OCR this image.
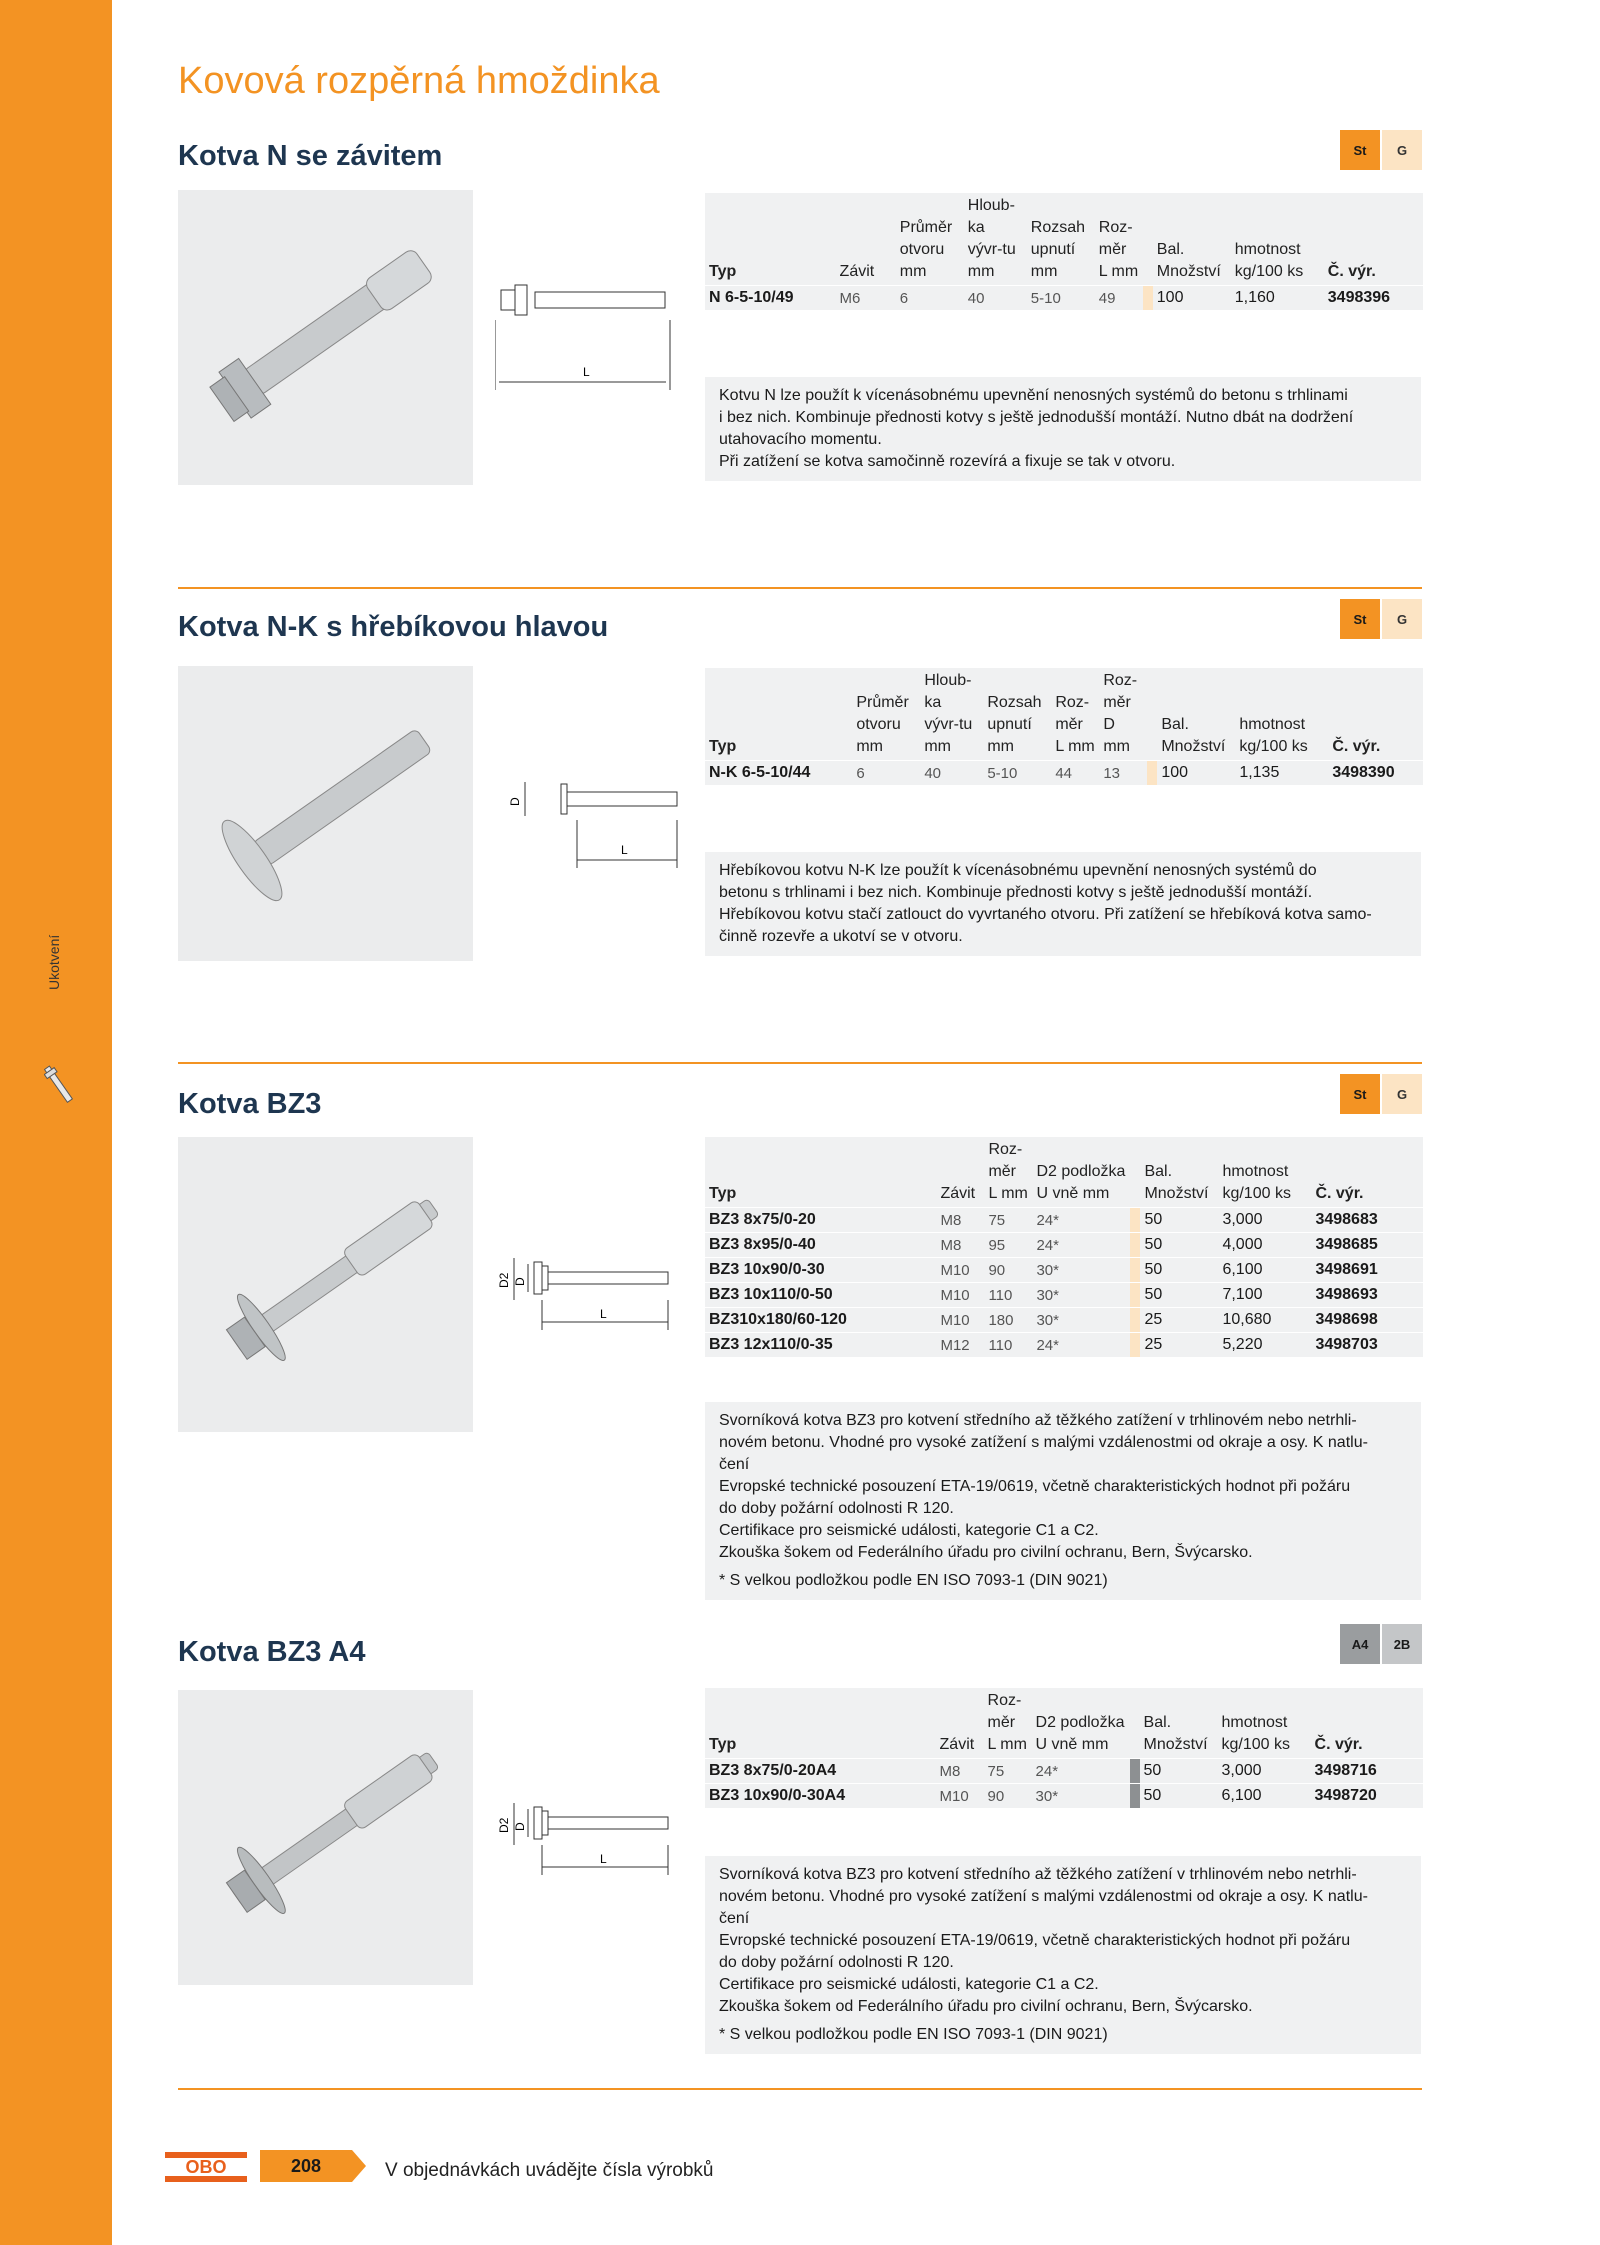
Ukotvení
Kovová rozpěrná hmoždinka
Kotva N se závitem	St	G
L
Typ	Závit	Průměr otvoru mm	Hloub-ka vývr-tu mm	Rozsah upnutí mm	Roz-měr L mm		Bal. Množství	hmotnost kg/100 ks	Č. výr.
N 6-5-10/49	M6	6	40	5-10	49		100	1,160	3498396

Kotvu N lze použít k vícenásobnému upevnění nenosných systémů do betonu s trhlinami

i bez nich. Kombinuje přednosti kotvy s ještě jednodušší montáží. Nutno dbát na dodržení

utahovacího momentu.

Při zatížení se kotva samočinně rozevírá a fixuje se tak v otvoru.

Kotva N-K s hřebíkovou hlavou	St	G
D
L
Typ	Průměr otvoru mm	Hloub-ka vývr-tu mm	Rozsah upnutí mm	Roz-měr L mm	Roz-měr D mm		Bal. Množství	hmotnost kg/100 ks	Č. výr.
N-K 6-5-10/44	6	40	5-10	44	13		100	1,135	3498390

Hřebíkovou kotvu N-K lze použít k vícenásobnému upevnění nenosných systémů do

betonu s trhlinami i bez nich. Kombinuje přednosti kotvy s ještě jednodušší montáží.

Hřebíkovou kotvu stačí zatlouct do vyvrtaného otvoru. Při zatížení se hřebíková kotva samo-

činně rozevře a ukotví se v otvoru.

Kotva BZ3	St	G
D2 D
L
Typ	Závit	Roz-měr L mm	D2 podložka U vně mm		Bal. Množství	hmotnost kg/100 ks	Č. výr.
BZ3 8x75/0-20	M8	75	24*		50	3,000	3498683
BZ3 8x95/0-40	M8	95	24*		50	4,000	3498685
BZ3 10x90/0-30	M10	90	30*		50	6,100	3498691
BZ3 10x110/0-50	M10	110	30*		50	7,100	3498693
BZ310x180/60-120	M10	180	30*		25	10,680	3498698
BZ3 12x110/0-35	M12	110	24*		25	5,220	3498703

Svorníková kotva BZ3 pro kotvení středního až těžkého zatížení v trhlinovém nebo netrhli-

novém betonu. Vhodné pro vysoké zatížení s malými vzdálenostmi od okraje a osy. K natlu-

čení

Evropské technické posouzení ETA-19/0619, včetně charakteristických hodnot při požáru

do doby požární odolnosti R 120.

Certifikace pro seismické události, kategorie C1 a C2.

Zkouška šokem od Federálního úřadu pro civilní ochranu, Bern, Švýcarsko.

* S velkou podložkou podle EN ISO 7093-1 (DIN 9021)

Kotva BZ3 A4	A4	2B
D2 D
L
Typ	Závit	Roz-měr L mm	D2 podložka U vně mm		Bal. Množství	hmotnost kg/100 ks	Č. výr.
BZ3 8x75/0-20A4	M8	75	24*		50	3,000	3498716
BZ3 10x90/0-30A4	M10	90	30*		50	6,100	3498720

Svorníková kotva BZ3 pro kotvení středního až těžkého zatížení v trhlinovém nebo netrhli-

novém betonu. Vhodné pro vysoké zatížení s malými vzdálenostmi od okraje a osy. K natlu-

čení

Evropské technické posouzení ETA-19/0619, včetně charakteristických hodnot při požáru

do doby požární odolnosti R 120.

Certifikace pro seismické události, kategorie C1 a C2.

Zkouška šokem od Federálního úřadu pro civilní ochranu, Bern, Švýcarsko.

* S velkou podložkou podle EN ISO 7093-1 (DIN 9021)

OBO	208	V objednávkách uvádějte čísla výrobků
